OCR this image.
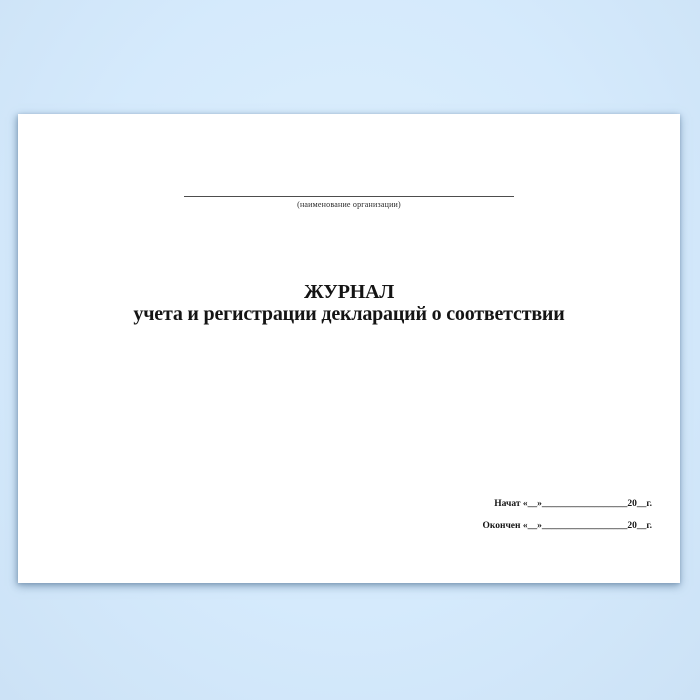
(наименование организации)
ЖУРНАЛ
учета и регистрации деклараций о соответствии
Начат «__»__________________20__г.
Окончен «__»__________________20__г.
